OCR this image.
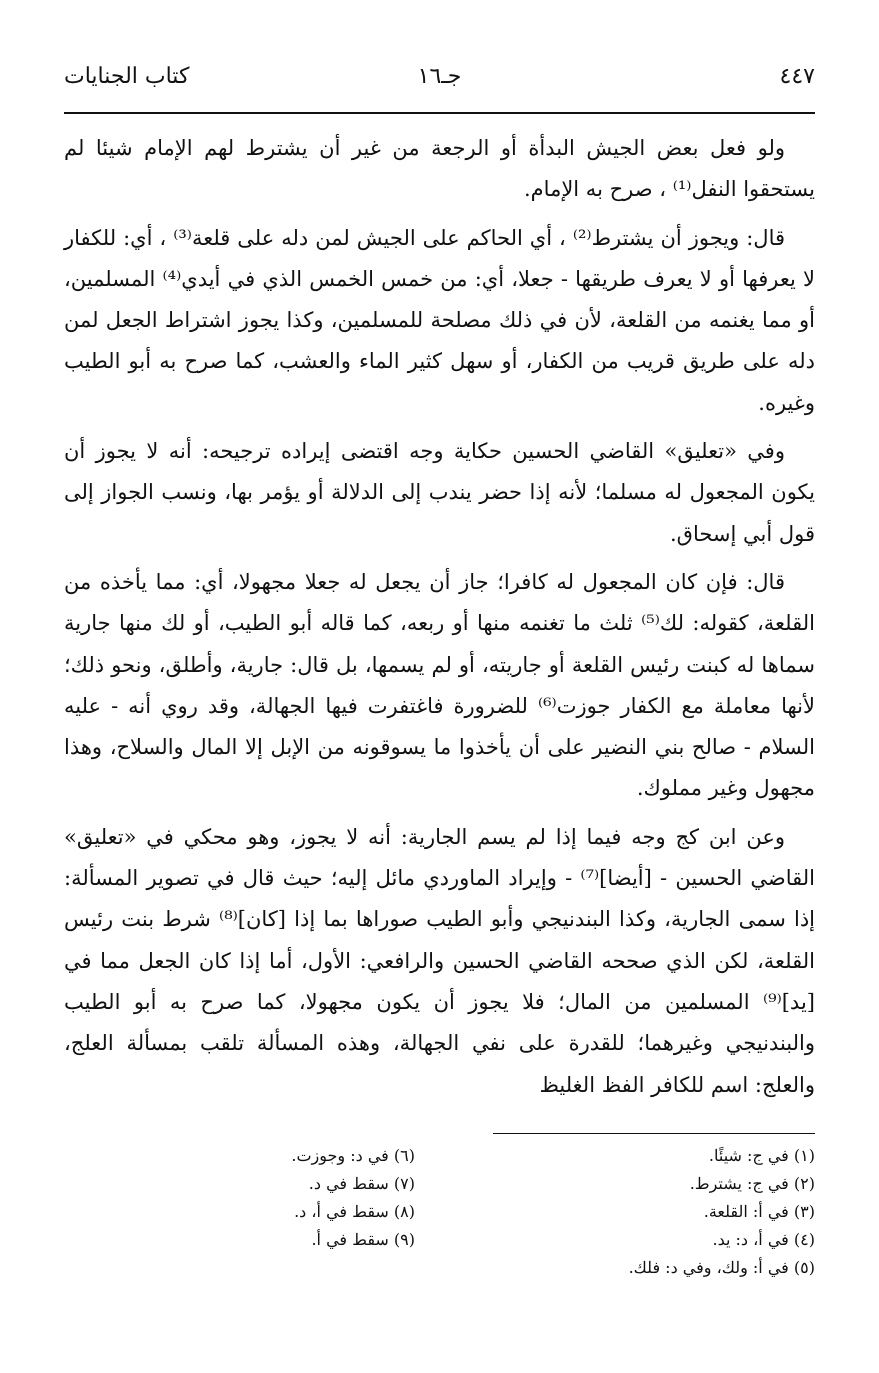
٤٤٧
جـ١٦
كتاب الجنايات

ولو فعل بعض الجيش البدأة أو الرجعة من غير أن يشترط لهم الإمام شيئا لم يستحقوا النفل⁽¹⁾ ، صرح به الإمام.

قال: ويجوز أن يشترط⁽²⁾ ، أي الحاكم على الجيش لمن دله على قلعة⁽³⁾ ، أي: للكفار لا يعرفها أو لا يعرف طريقها - جعلا، أي: من خمس الخمس الذي في أيدي⁽⁴⁾ المسلمين، أو مما يغنمه من القلعة، لأن في ذلك مصلحة للمسلمين، وكذا يجوز اشتراط الجعل لمن دله على طريق قريب من الكفار، أو سهل كثير الماء والعشب، كما صرح به أبو الطيب وغيره.

وفي «تعليق» القاضي الحسين حكاية وجه اقتضى إيراده ترجيحه: أنه لا يجوز أن يكون المجعول له مسلما؛ لأنه إذا حضر يندب إلى الدلالة أو يؤمر بها، ونسب الجواز إلى قول أبي إسحاق.

قال: فإن كان المجعول له كافرا؛ جاز أن يجعل له جعلا مجهولا، أي: مما يأخذه من القلعة، كقوله: لك⁽⁵⁾ ثلث ما تغنمه منها أو ربعه، كما قاله أبو الطيب، أو لك منها جارية سماها له كبنت رئيس القلعة أو جاريته، أو لم يسمها، بل قال: جارية، وأطلق، ونحو ذلك؛ لأنها معاملة مع الكفار جوزت⁽⁶⁾ للضرورة فاغتفرت فيها الجهالة، وقد روي أنه - عليه السلام - صالح بني النضير على أن يأخذوا ما يسوقونه من الإبل إلا المال والسلاح، وهذا مجهول وغير مملوك.

وعن ابن كج وجه فيما إذا لم يسم الجارية: أنه لا يجوز، وهو محكي في «تعليق» القاضي الحسين - [أيضا]⁽⁷⁾ - وإيراد الماوردي مائل إليه؛ حيث قال في تصوير المسألة: إذا سمى الجارية، وكذا البندنيجي وأبو الطيب صوراها بما إذا [كان]⁽⁸⁾ شرط بنت رئيس القلعة، لكن الذي صححه القاضي الحسين والرافعي: الأول، أما إذا كان الجعل مما في [يد]⁽⁹⁾ المسلمين من المال؛ فلا يجوز أن يكون مجهولا، كما صرح به أبو الطيب والبندنيجي وغيرهما؛ للقدرة على نفي الجهالة، وهذه المسألة تلقب بمسألة العلج، والعلج: اسم للكافر الفظ الغليظ

(١) في ج: شيئًا.
(٢) في ج: يشترط.
(٣) في أ: القلعة.
(٤) في أ، د: يد.
(٥) في أ: ولك، وفي د: فلك.
(٦) في د: وجوزت.
(٧) سقط في د.
(٨) سقط في أ، د.
(٩) سقط في أ.
